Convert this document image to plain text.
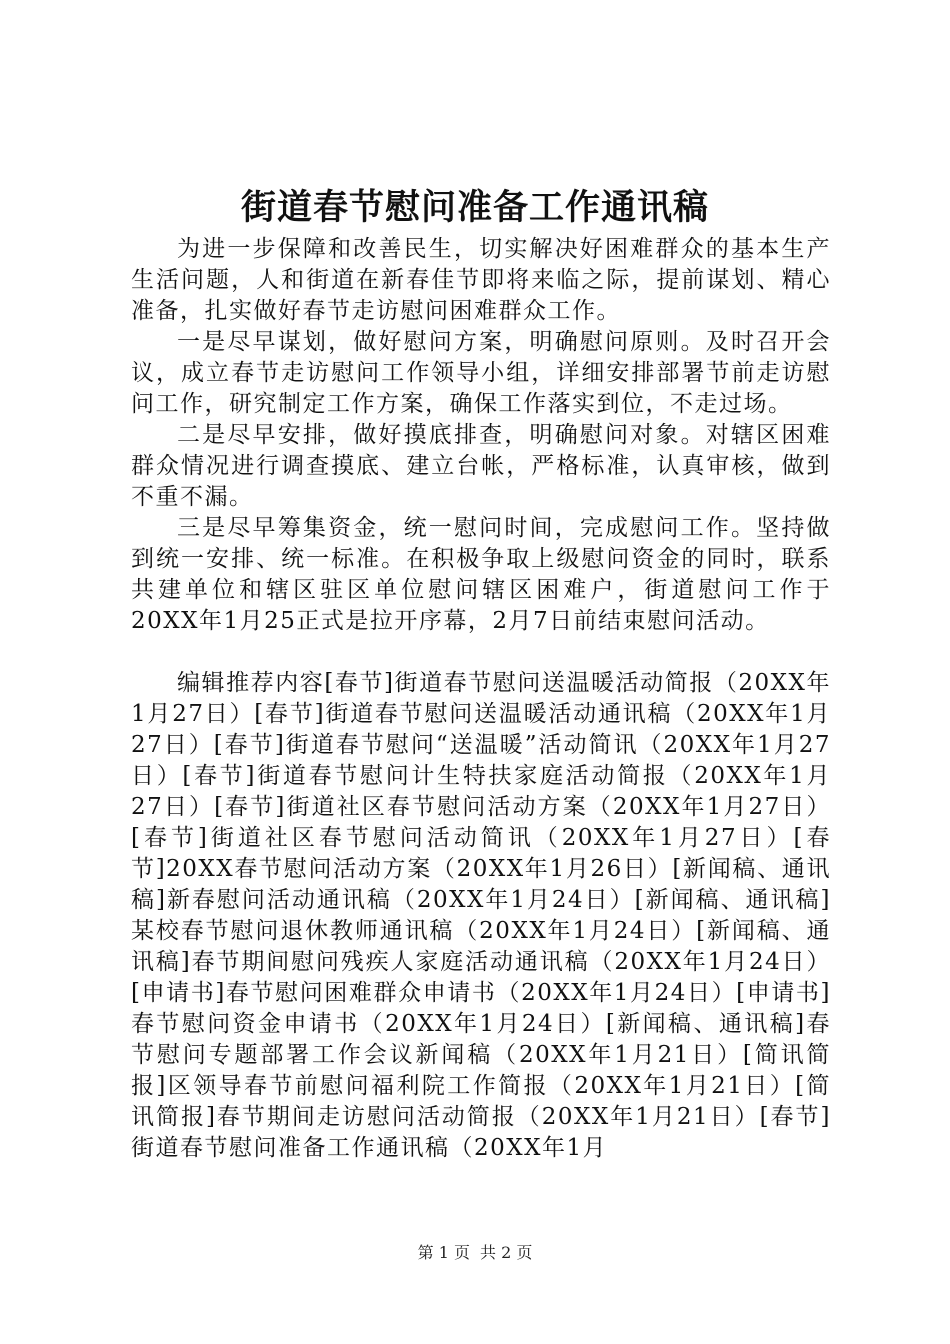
街道春节慰问准备工作通讯稿

为进一步保障和改善民生，切实解决好困难群众的基本生产生活问题，人和街道在新春佳节即将来临之际，提前谋划、精心准备，扎实做好春节走访慰问困难群众工作。

一是尽早谋划，做好慰问方案，明确慰问原则。及时召开会议，成立春节走访慰问工作领导小组，详细安排部署节前走访慰问工作，研究制定工作方案，确保工作落实到位，不走过场。

二是尽早安排，做好摸底排查，明确慰问对象。对辖区困难群众情况进行调查摸底、建立台帐，严格标准，认真审核，做到不重不漏。

三是尽早筹集资金，统一慰问时间，完成慰问工作。坚持做到统一安排、统一标准。在积极争取上级慰问资金的同时，联系共建单位和辖区驻区单位慰问辖区困难户，街道慰问工作于20XX年1月25正式是拉开序幕，2月7日前结束慰问活动。

编辑推荐内容[春节]街道春节慰问送温暖活动简报（20XX年1月27日）[春节]街道春节慰问送温暖活动通讯稿（20XX年1月27日）[春节]街道春节慰问“送温暖”活动简讯（20XX年1月27日）[春节]街道春节慰问计生特扶家庭活动简报（20XX年1月27日）[春节]街道社区春节慰问活动方案（20XX年1月27日）[春节]街道社区春节慰问活动简讯（20XX年1月27日）[春节]20XX春节慰问活动方案（20XX年1月26日）[新闻稿、通讯稿]新春慰问活动通讯稿（20XX年1月24日）[新闻稿、通讯稿]某校春节慰问退休教师通讯稿（20XX年1月24日）[新闻稿、通讯稿]春节期间慰问残疾人家庭活动通讯稿（20XX年1月24日）[申请书]春节慰问困难群众申请书（20XX年1月24日）[申请书]春节慰问资金申请书（20XX年1月24日）[新闻稿、通讯稿]春节慰问专题部署工作会议新闻稿（20XX年1月21日）[简讯简报]区领导春节前慰问福利院工作简报（20XX年1月21日）[简讯简报]春节期间走访慰问活动简报（20XX年1月21日）[春节]街道春节慰问准备工作通讯稿（20XX年1月

第 1 页 共 2 页
